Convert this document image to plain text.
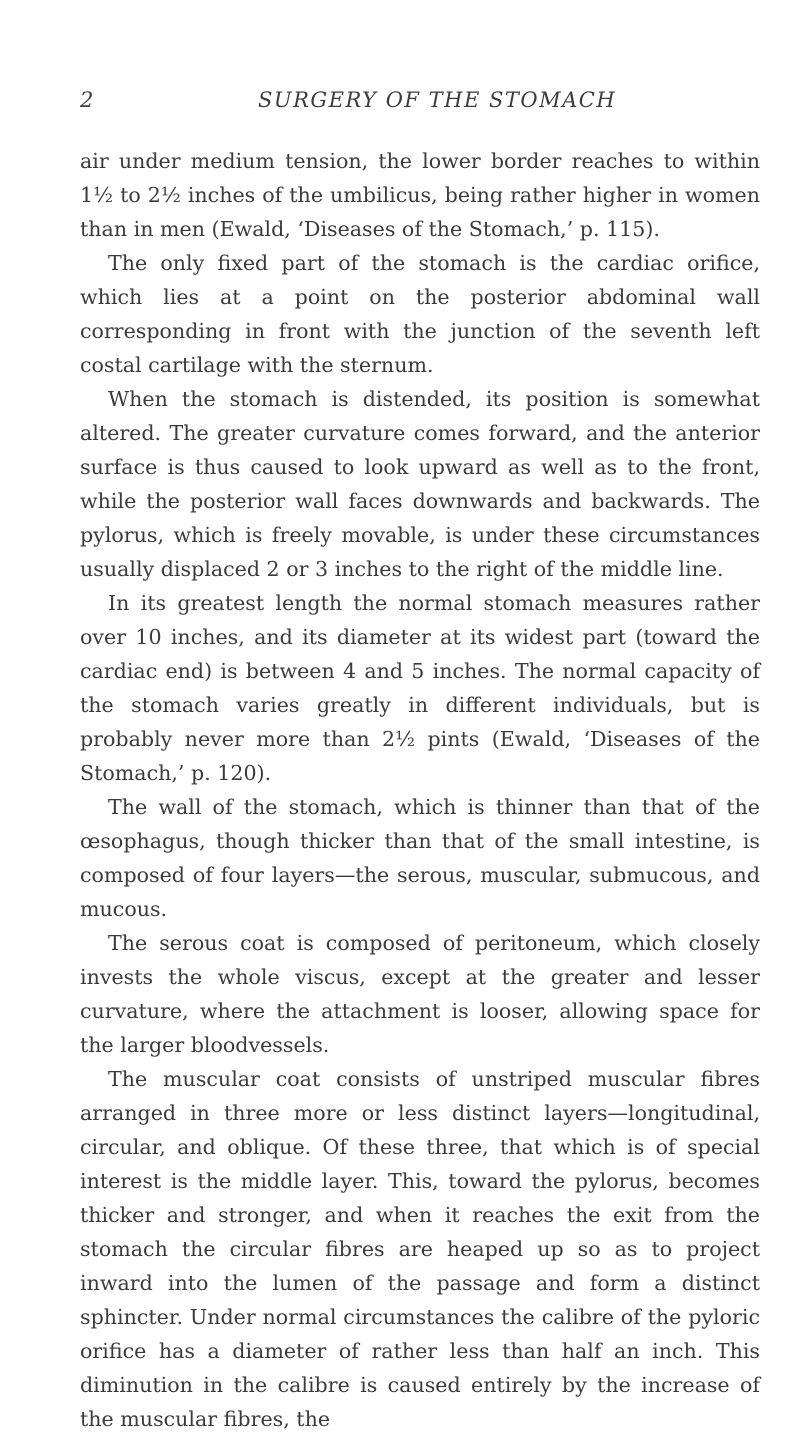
2	SURGERY OF THE STOMACH

air under medium tension, the lower border reaches to within 1½ to 2½ inches of the umbilicus, being rather higher in women than in men (Ewald, ‘Diseases of the Stomach,’ p. 115).

The only fixed part of the stomach is the cardiac orifice, which lies at a point on the posterior abdominal wall corresponding in front with the junction of the seventh left costal cartilage with the sternum.

When the stomach is distended, its position is somewhat altered. The greater curvature comes forward, and the anterior surface is thus caused to look upward as well as to the front, while the posterior wall faces downwards and backwards. The pylorus, which is freely movable, is under these circumstances usually displaced 2 or 3 inches to the right of the middle line.

In its greatest length the normal stomach measures rather over 10 inches, and its diameter at its widest part (toward the cardiac end) is between 4 and 5 inches. The normal capacity of the stomach varies greatly in different individuals, but is probably never more than 2½ pints (Ewald, ‘Diseases of the Stomach,’ p. 120).

The wall of the stomach, which is thinner than that of the œsophagus, though thicker than that of the small intestine, is composed of four layers—the serous, muscular, submucous, and mucous.

The serous coat is composed of peritoneum, which closely invests the whole viscus, except at the greater and lesser curvature, where the attachment is looser, allowing space for the larger bloodvessels.

The muscular coat consists of unstriped muscular fibres arranged in three more or less distinct layers—longitudinal, circular, and oblique. Of these three, that which is of special interest is the middle layer. This, toward the pylorus, becomes thicker and stronger, and when it reaches the exit from the stomach the circular fibres are heaped up so as to project inward into the lumen of the passage and form a distinct sphincter. Under normal circumstances the calibre of the pyloric orifice has a diameter of rather less than half an inch. This diminution in the calibre is caused entirely by the increase of the muscular fibres, the
